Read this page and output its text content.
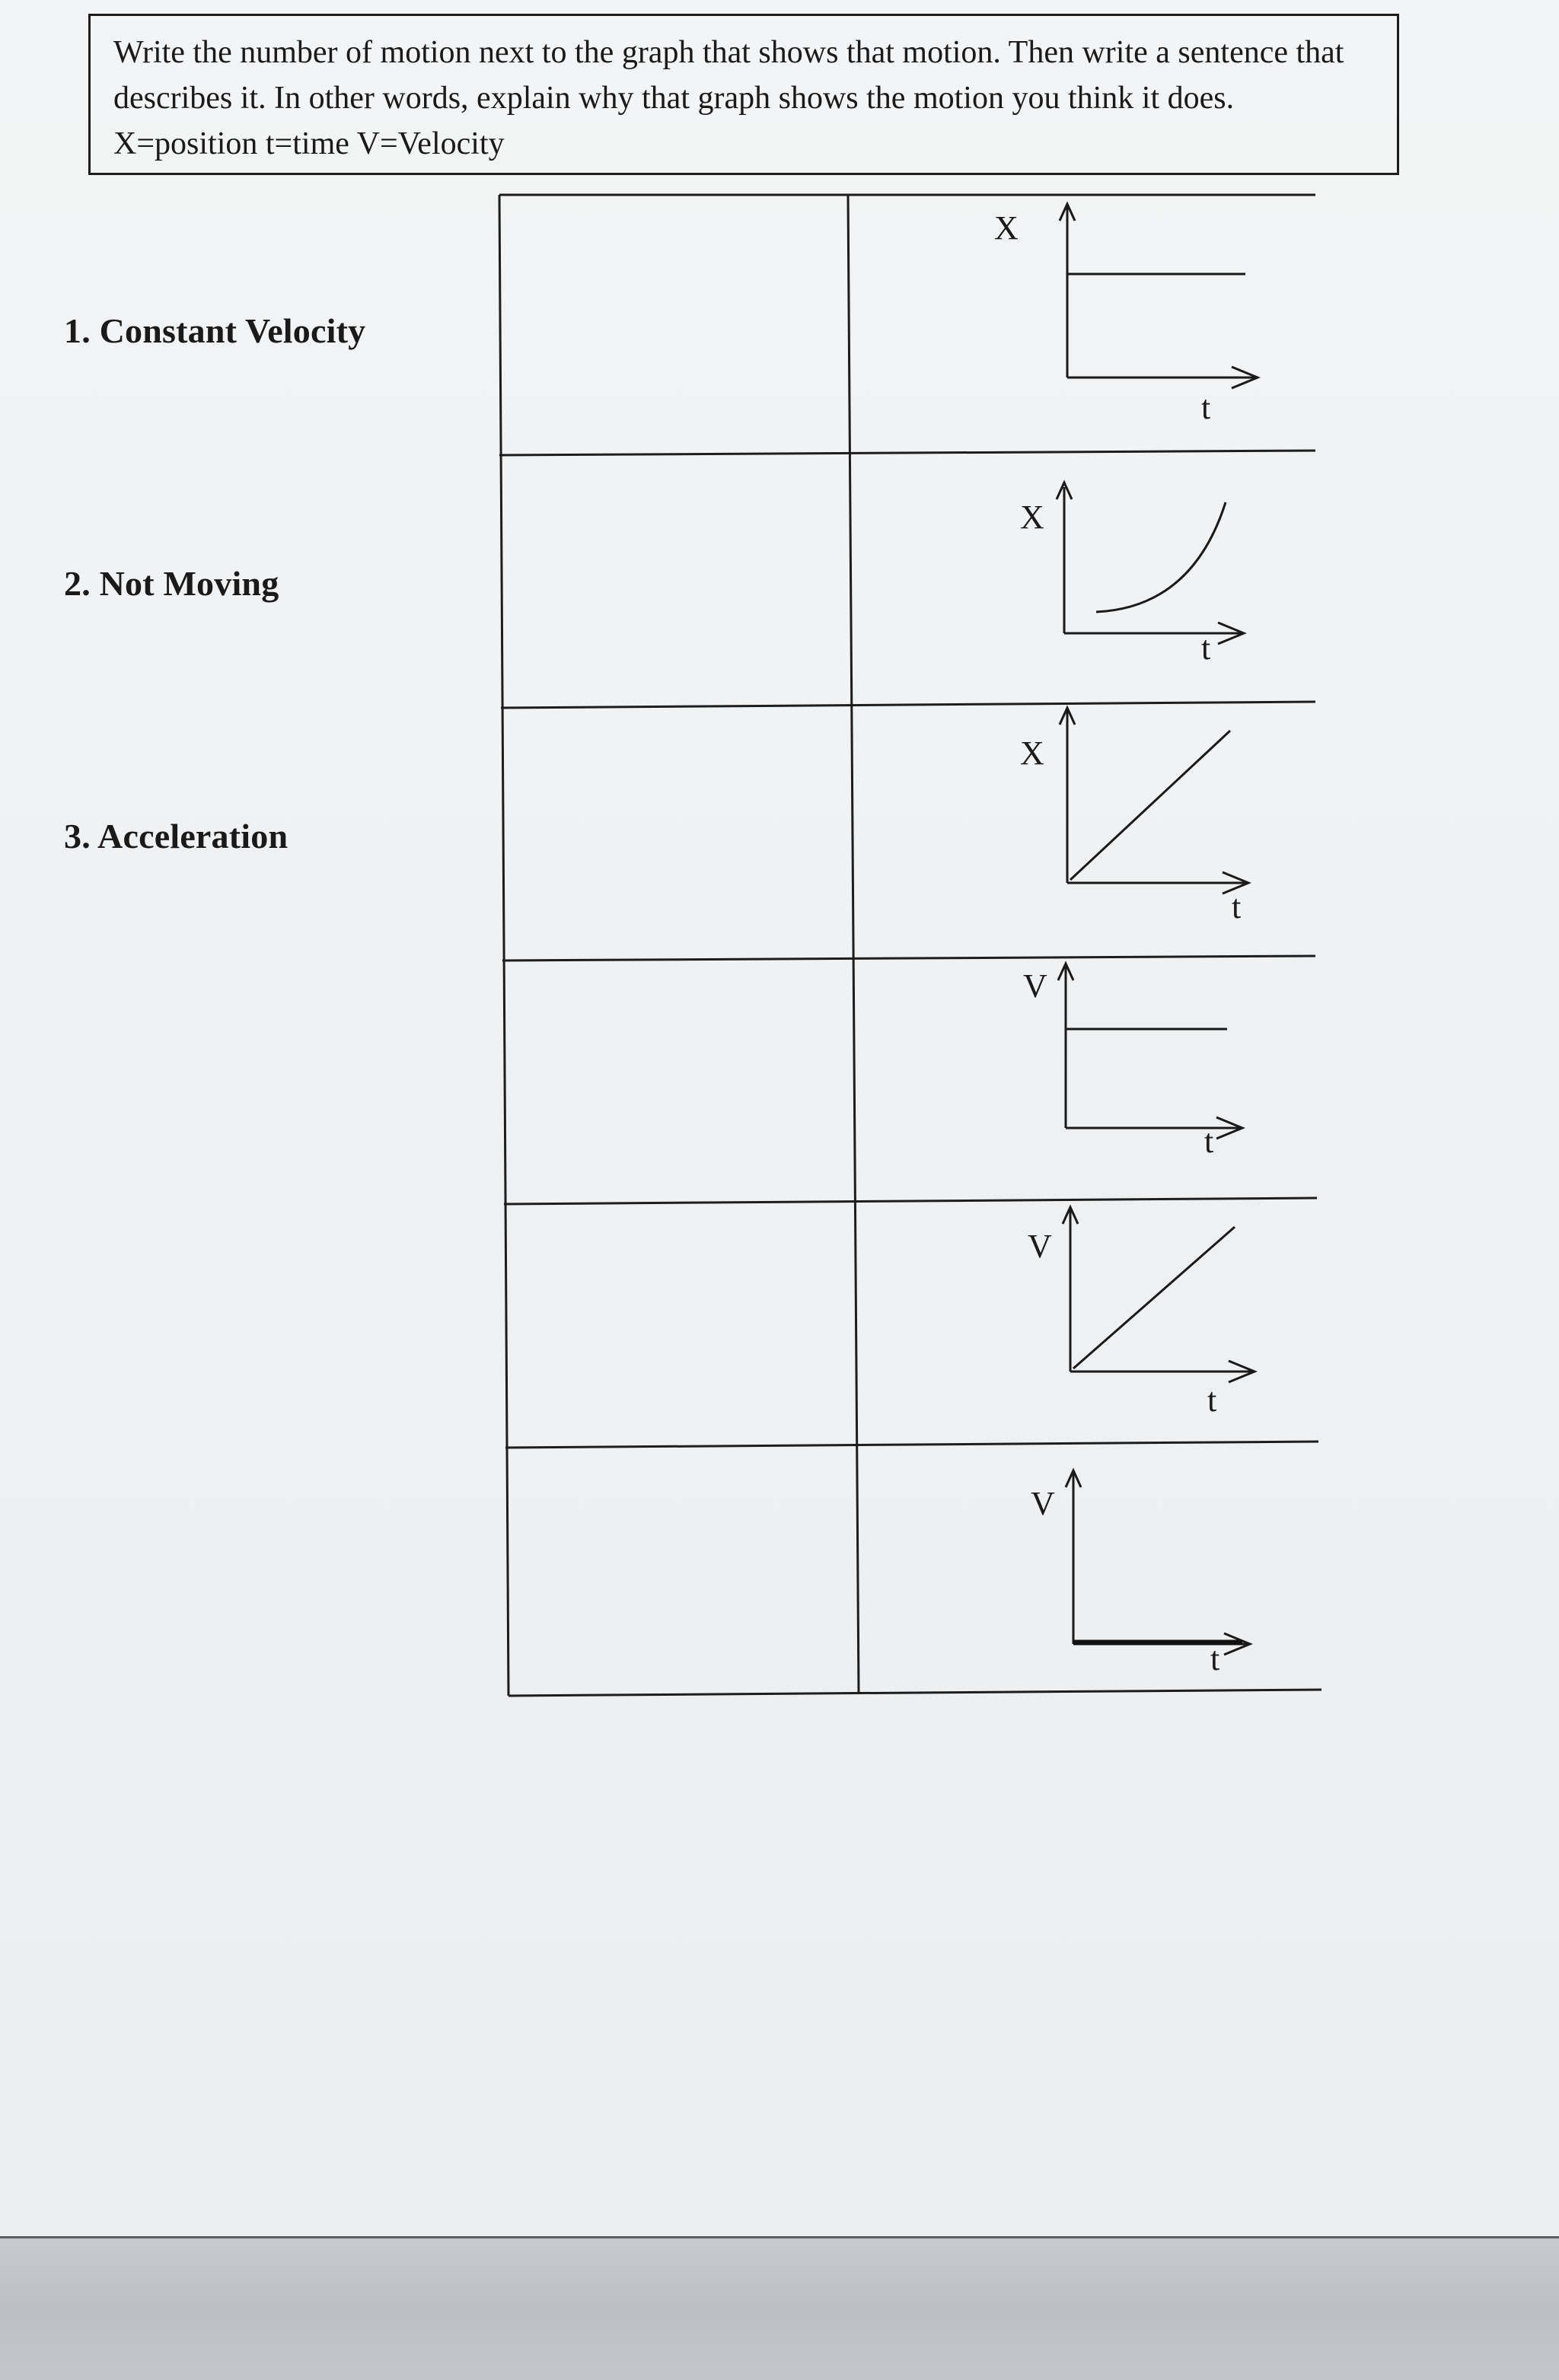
Write the number of motion next to the graph that shows that motion. Then write a sentence that describes it. In other words, explain why that graph shows the motion you think it does. X=position t=time V=Velocity
1. Constant Velocity
2. Not Moving
3. Acceleration
X
t
X
t
X
t
V
t
V
t
V
t
